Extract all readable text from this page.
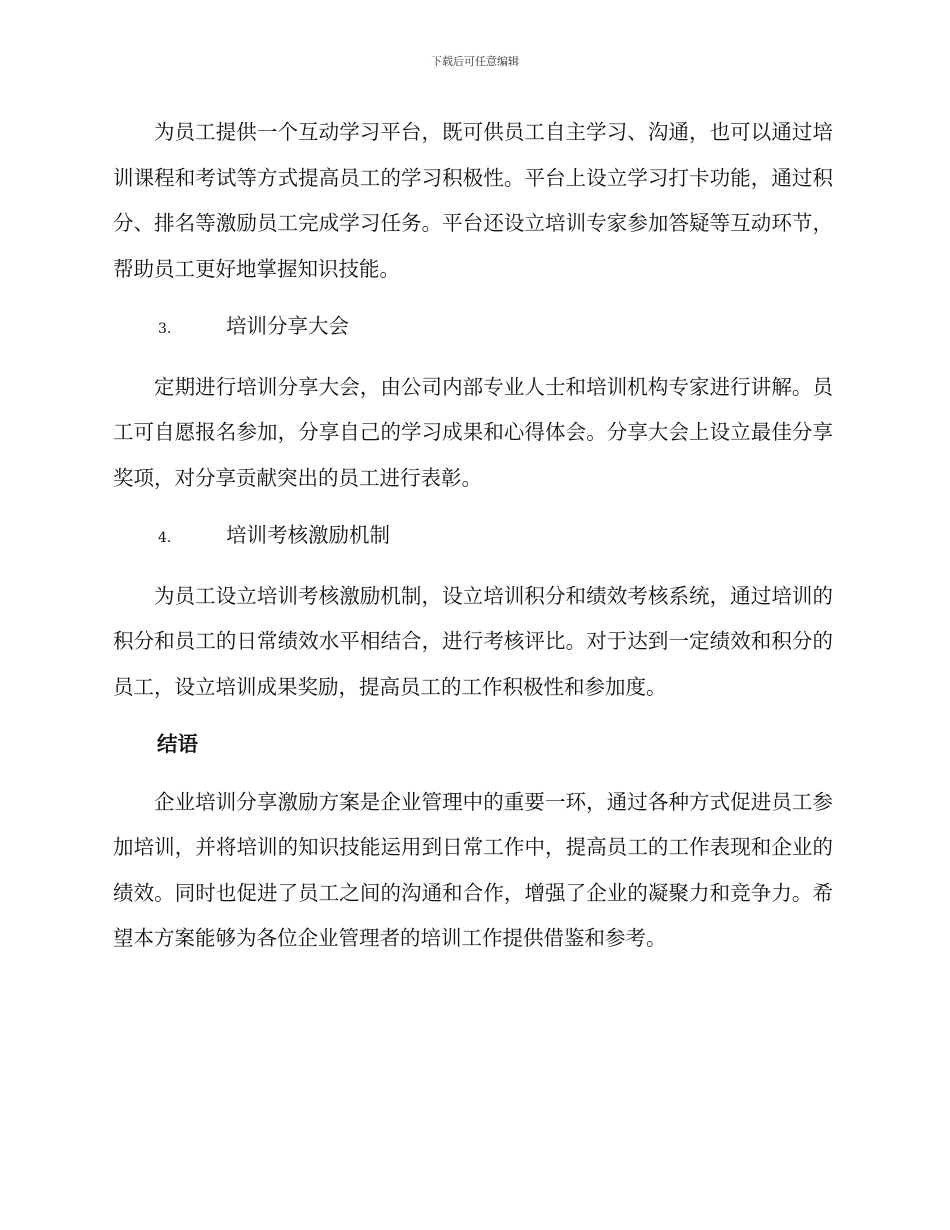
下载后可任意编辑

为员工提供一个互动学习平台，既可供员工自主学习、沟通，也可以通过培训课程和考试等方式提高员工的学习积极性。平台上设立学习打卡功能，通过积分、排名等激励员工完成学习任务。平台还设立培训专家参加答疑等互动环节，帮助员工更好地掌握知识技能。

3.	培训分享大会

定期进行培训分享大会，由公司内部专业人士和培训机构专家进行讲解。员工可自愿报名参加，分享自己的学习成果和心得体会。分享大会上设立最佳分享奖项，对分享贡献突出的员工进行表彰。

4.	培训考核激励机制

为员工设立培训考核激励机制，设立培训积分和绩效考核系统，通过培训的积分和员工的日常绩效水平相结合，进行考核评比。对于达到一定绩效和积分的员工，设立培训成果奖励，提高员工的工作积极性和参加度。

结语

企业培训分享激励方案是企业管理中的重要一环，通过各种方式促进员工参加培训，并将培训的知识技能运用到日常工作中，提高员工的工作表现和企业的绩效。同时也促进了员工之间的沟通和合作，增强了企业的凝聚力和竞争力。希望本方案能够为各位企业管理者的培训工作提供借鉴和参考。
